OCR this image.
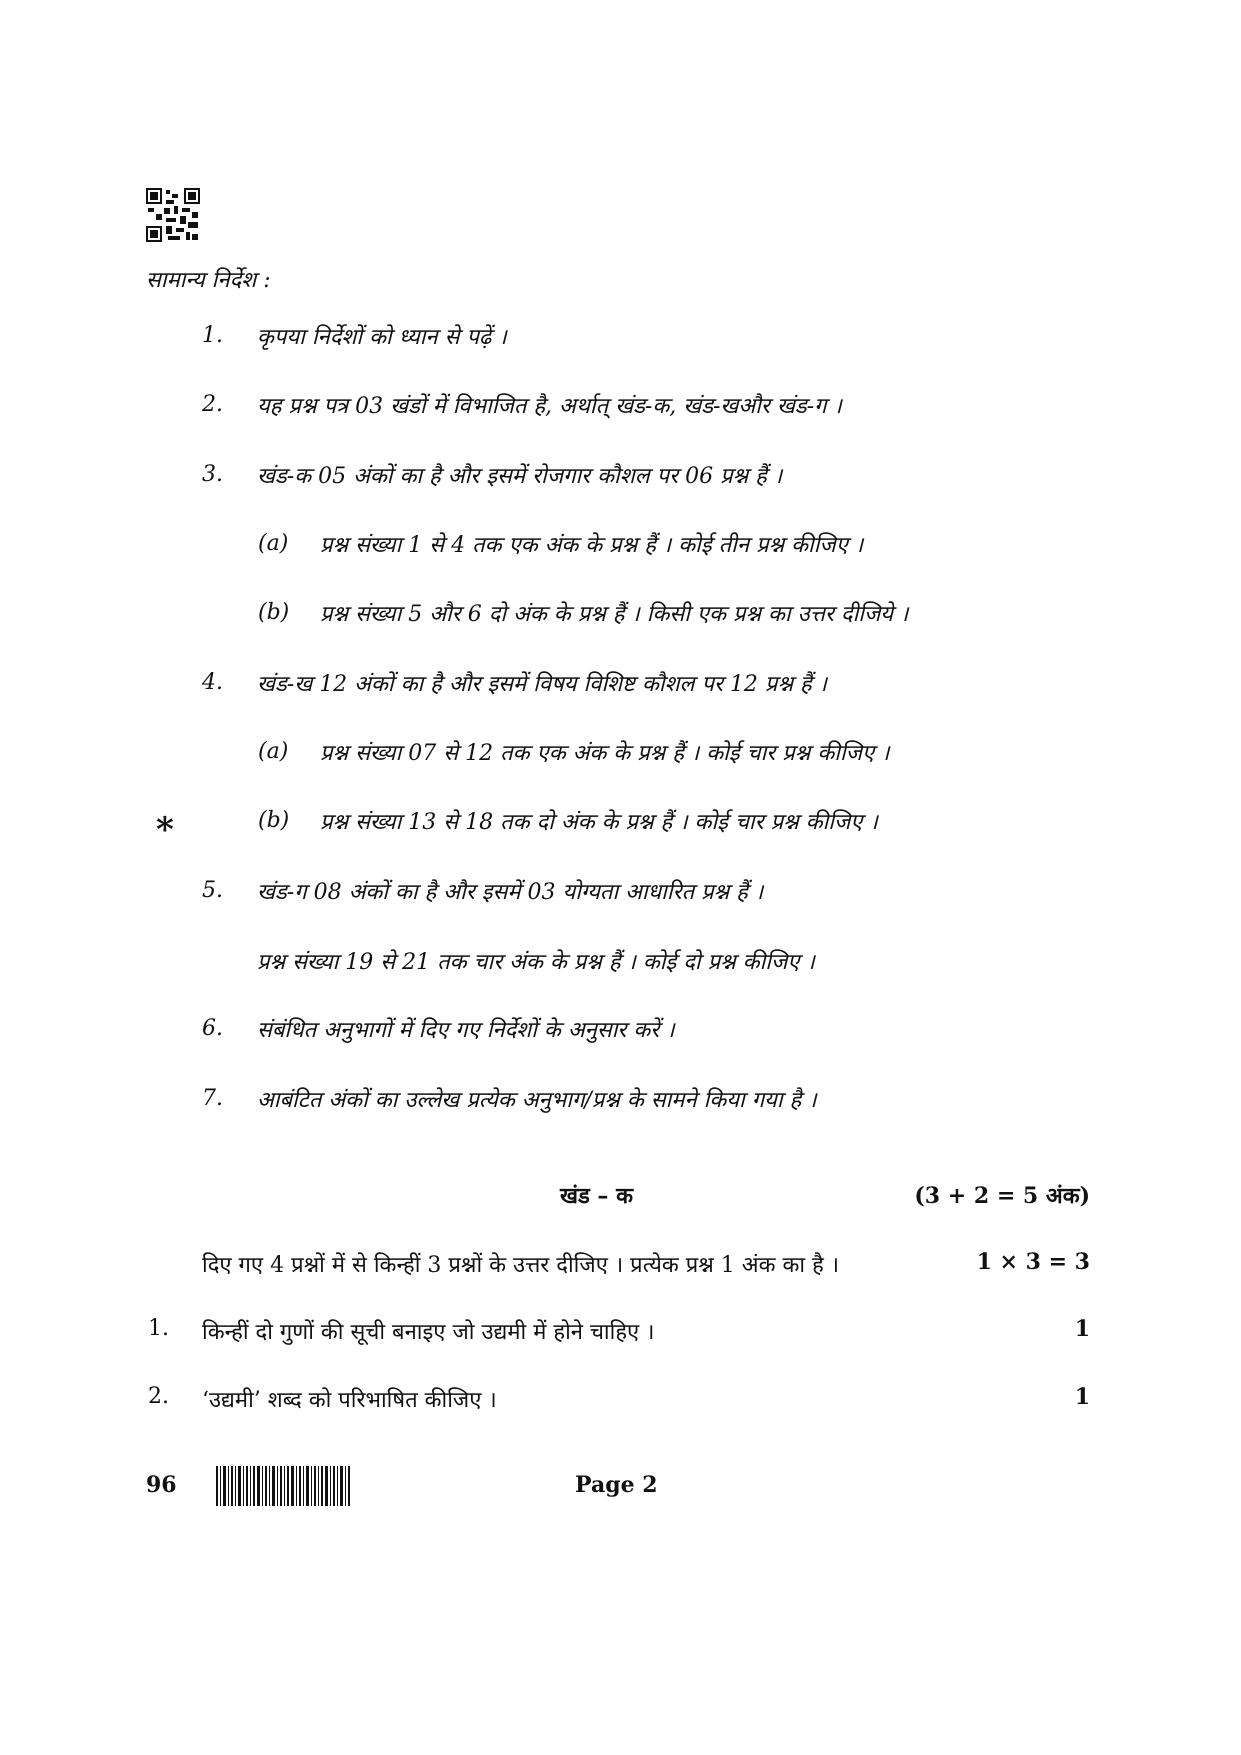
सामान्य निर्देश :
1. कृपया निर्देशों को ध्यान से पढ़ें ।
2. यह प्रश्न पत्र 03 खंडों में विभाजित है, अर्थात् खंड-क, खंड-खऔर खंड-ग ।
3. खंड-क 05 अंकों का है और इसमें रोजगार कौशल पर 06 प्रश्न हैं ।
(a) प्रश्न संख्या 1 से 4 तक एक अंक के प्रश्न हैं । कोई तीन प्रश्न कीजिए ।
(b) प्रश्न संख्या 5 और 6 दो अंक के प्रश्न हैं । किसी एक प्रश्न का उत्तर दीजिये ।
4. खंड-ख 12 अंकों का है और इसमें विषय विशिष्ट कौशल पर 12 प्रश्न हैं ।
(a) प्रश्न संख्या 07 से 12 तक एक अंक के प्रश्न हैं । कोई चार प्रश्न कीजिए ।
*	(b) प्रश्न संख्या 13 से 18 तक दो अंक के प्रश्न हैं । कोई चार प्रश्न कीजिए ।
5. खंड-ग 08 अंकों का है और इसमें 03 योग्यता आधारित प्रश्न हैं ।
प्रश्न संख्या 19 से 21 तक चार अंक के प्रश्न हैं । कोई दो प्रश्न कीजिए ।
6. संबंधित अनुभागों में दिए गए निर्देशों के अनुसार करें ।
7. आबंटित अंकों का उल्लेख प्रत्येक अनुभाग/प्रश्न के सामने किया गया है ।
खंड – क	(3 + 2 = 5 अंक)
दिए गए 4 प्रश्नों में से किन्हीं 3 प्रश्नों के उत्तर दीजिए । प्रत्येक प्रश्न 1 अंक का है ।	1 × 3 = 3
1. किन्हीं दो गुणों की सूची बनाइए जो उद्यमी में होने चाहिए ।	1
2. ‘उद्यमी’ शब्द को परिभाषित कीजिए ।	1
96	Page 2
